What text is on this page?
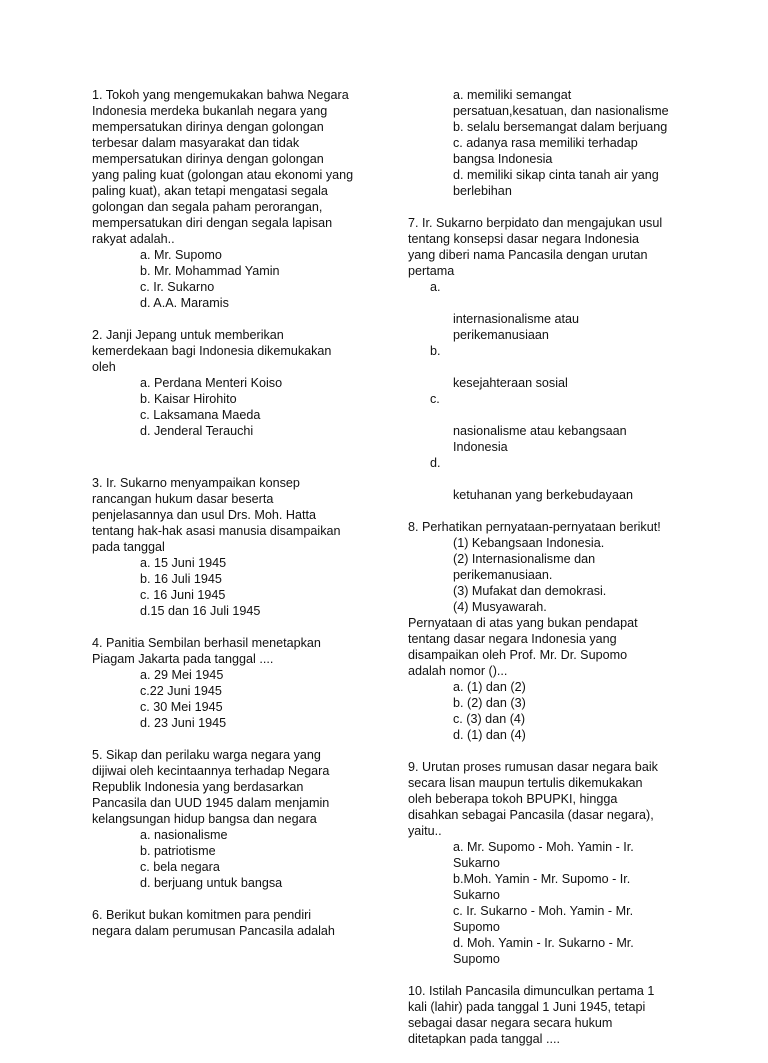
1. Tokoh yang mengemukakan bahwa Negara
Indonesia merdeka bukanlah negara yang
mempersatukan dirinya dengan golongan
terbesar dalam masyarakat dan tidak
mempersatukan dirinya dengan golongan
yang paling kuat (golongan atau ekonomi yang
paling kuat), akan tetapi mengatasi segala
golongan dan segala paham perorangan,
mempersatukan diri dengan segala lapisan
rakyat adalah..
a. Mr. Supomo
b. Mr. Mohammad Yamin
c. Ir. Sukarno
d. A.A. Maramis
2. Janji Jepang untuk memberikan
kemerdekaan bagi Indonesia dikemukakan
oleh
a. Perdana Menteri Koiso
b. Kaisar Hirohito
c. Laksamana Maeda
d. Jenderal Terauchi
3. Ir. Sukarno menyampaikan konsep
rancangan hukum dasar beserta
penjelasannya dan usul Drs. Moh. Hatta
tentang hak-hak asasi manusia disampaikan
pada tanggal
a. 15 Juni 1945
b. 16 Juli 1945
c. 16 Juni 1945
d.15 dan 16 Juli 1945
4. Panitia Sembilan berhasil menetapkan
Piagam Jakarta pada tanggal ....
a. 29 Mei 1945
c.22 Juni 1945
c. 30 Mei 1945
d. 23 Juni 1945
5. Sikap dan perilaku warga negara yang
dijiwai oleh kecintaannya terhadap Negara
Republik Indonesia yang berdasarkan
Pancasila dan UUD 1945 dalam menjamin
kelangsungan hidup bangsa dan negara
a. nasionalisme
b. patriotisme
c. bela negara
d. berjuang untuk bangsa
6. Berikut bukan komitmen para pendiri
negara dalam perumusan Pancasila adalah
a. memiliki semangat
persatuan,kesatuan, dan nasionalisme
b. selalu bersemangat dalam berjuang
c. adanya rasa memiliki terhadap
bangsa Indonesia
d. memiliki sikap cinta tanah air yang
berlebihan
7. Ir. Sukarno berpidato dan mengajukan usul
tentang konsepsi dasar negara Indonesia
yang diberi nama Pancasila dengan urutan
pertama

a.

internasionalisme atau
perikemanusiaan

b.

kesejahteraan sosial

c.

nasionalisme atau kebangsaan
Indonesia

d.

ketuhanan yang berkebudayaan

8. Perhatikan pernyataan-pernyataan berikut!
(1) Kebangsaan Indonesia.
(2) Internasionalisme dan
perikemanusiaan.
(3) Mufakat dan demokrasi.
(4) Musyawarah.
Pernyataan di atas yang bukan pendapat
tentang dasar negara Indonesia yang
disampaikan oleh Prof. Mr. Dr. Supomo
adalah nomor ()...
a. (1) dan (2)
b. (2) dan (3)
c. (3) dan (4)
d. (1) dan (4)
9. Urutan proses rumusan dasar negara baik
secara lisan maupun tertulis dikemukakan
oleh beberapa tokoh BPUPKI, hingga
disahkan sebagai Pancasila (dasar negara),
yaitu..
a. Mr. Supomo - Moh. Yamin - Ir.
Sukarno
b.Moh. Yamin - Mr. Supomo - Ir.
Sukarno
c. Ir. Sukarno - Moh. Yamin - Mr.
Supomo
d. Moh. Yamin - Ir. Sukarno - Mr.
Supomo
10. Istilah Pancasila dimunculkan pertama 1
kali (lahir) pada tanggal 1 Juni 1945, tetapi
sebagai dasar negara secara hukum
ditetapkan pada tanggal ....
